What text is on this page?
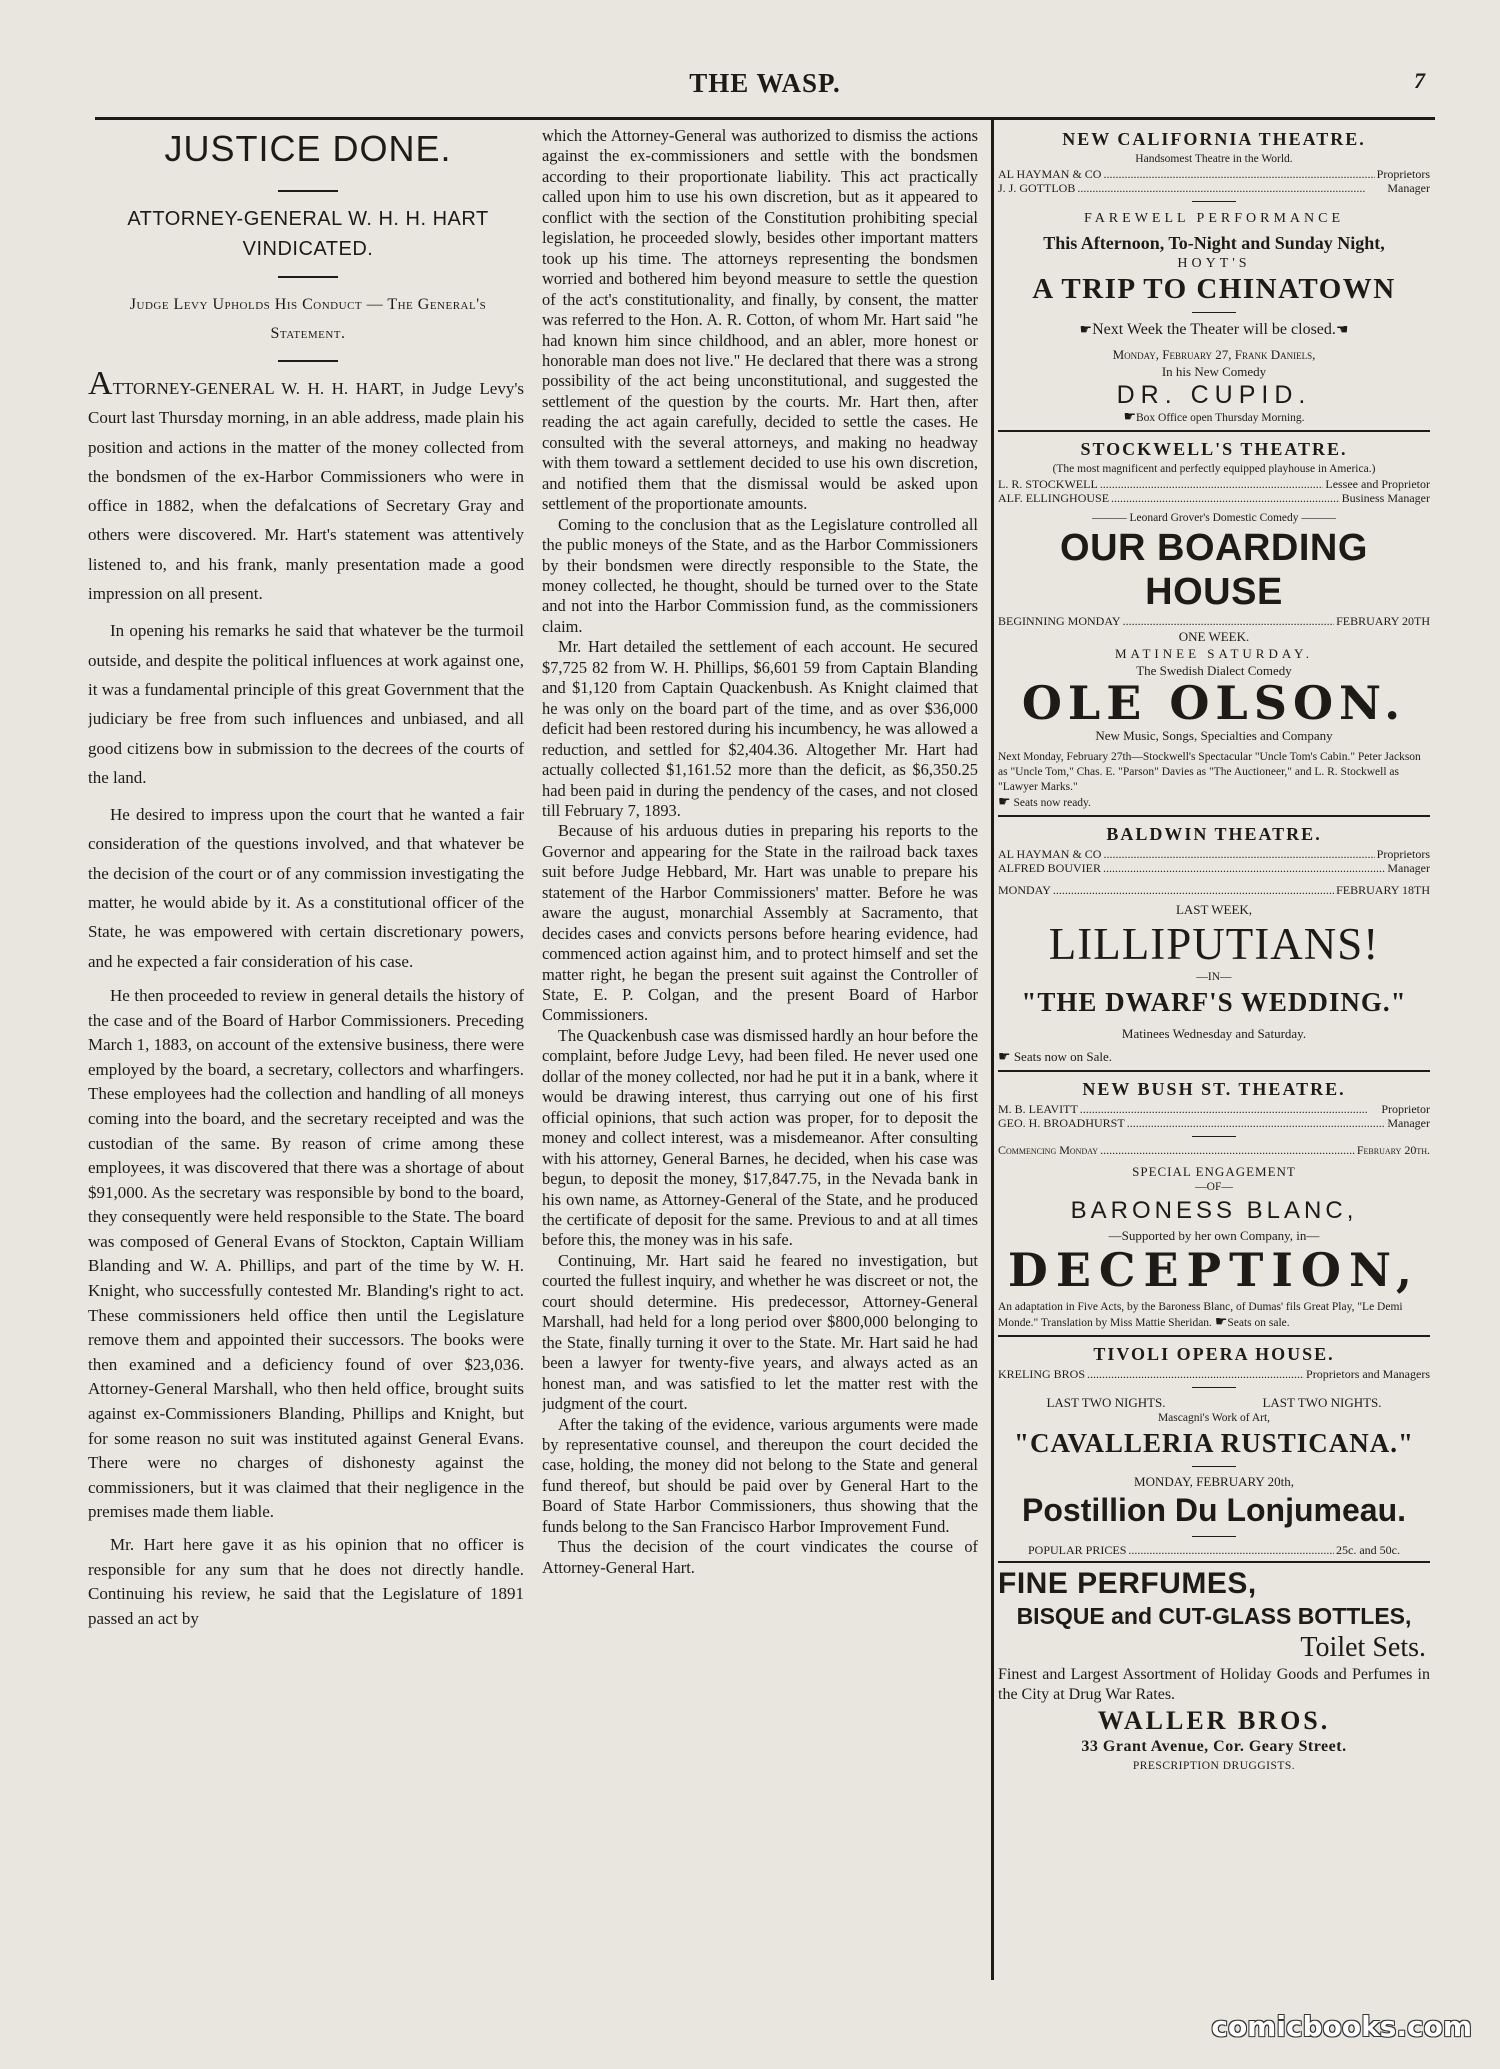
THE WASP.	7
JUSTICE DONE.
ATTORNEY-GENERAL W. H. H. HART VINDICATED.
Judge Levy Upholds His Conduct — The General's Statement.

ATTORNEY-GENERAL W. H. H. HART, in Judge Levy's Court last Thursday morning, in an able address, made plain his position and actions in the matter of the money collected from the bondsmen of the ex-Harbor Commissioners who were in office in 1882, when the defalcations of Secretary Gray and others were discovered. Mr. Hart's statement was attentively listened to, and his frank, manly presentation made a good impression on all present.

In opening his remarks he said that whatever be the turmoil outside, and despite the political influences at work against one, it was a fundamental principle of this great Government that the judiciary be free from such influences and unbiased, and all good citizens bow in submission to the decrees of the courts of the land.

He desired to impress upon the court that he wanted a fair consideration of the questions involved, and that whatever be the decision of the court or of any commission investigating the matter, he would abide by it. As a constitutional officer of the State, he was empowered with certain discretionary powers, and he expected a fair consideration of his case.

He then proceeded to review in general details the history of the case and of the Board of Harbor Commissioners. Preceding March 1, 1883, on account of the extensive business, there were employed by the board, a secretary, collectors and wharfingers. These employees had the collection and handling of all moneys coming into the board, and the secretary receipted and was the custodian of the same. By reason of crime among these employees, it was discovered that there was a shortage of about $91,000. As the secretary was responsible by bond to the board, they consequently were held responsible to the State. The board was composed of General Evans of Stockton, Captain William Blanding and W. A. Phillips, and part of the time by W. H. Knight, who successfully contested Mr. Blanding's right to act. These commissioners held office then until the Legislature remove them and appointed their successors. The books were then examined and a deficiency found of over $23,036. Attorney-General Marshall, who then held office, brought suits against ex-Commissioners Blanding, Phillips and Knight, but for some reason no suit was instituted against General Evans. There were no charges of dishonesty against the commissioners, but it was claimed that their negligence in the premises made them liable.

Mr. Hart here gave it as his opinion that no officer is responsible for any sum that he does not directly handle. Continuing his review, he said that the Legislature of 1891 passed an act by

which the Attorney-General was authorized to dismiss the actions against the ex-commissioners and settle with the bondsmen according to their proportionate liability. This act practically called upon him to use his own discretion, but as it appeared to conflict with the section of the Constitution prohibiting special legislation, he proceeded slowly, besides other important matters took up his time. The attorneys representing the bondsmen worried and bothered him beyond measure to settle the question of the act's constitutionality, and finally, by consent, the matter was referred to the Hon. A. R. Cotton, of whom Mr. Hart said "he had known him since childhood, and an abler, more honest or honorable man does not live." He declared that there was a strong possibility of the act being unconstitutional, and suggested the settlement of the question by the courts. Mr. Hart then, after reading the act again carefully, decided to settle the cases. He consulted with the several attorneys, and making no headway with them toward a settlement decided to use his own discretion, and notified them that the dismissal would be asked upon settlement of the proportionate amounts.

Coming to the conclusion that as the Legislature controlled all the public moneys of the State, and as the Harbor Commissioners by their bondsmen were directly responsible to the State, the money collected, he thought, should be turned over to the State and not into the Harbor Commission fund, as the commissioners claim.

Mr. Hart detailed the settlement of each account. He secured $7,725 82 from W. H. Phillips, $6,601 59 from Captain Blanding and $1,120 from Captain Quackenbush. As Knight claimed that he was only on the board part of the time, and as over $36,000 deficit had been restored during his incumbency, he was allowed a reduction, and settled for $2,404.36. Altogether Mr. Hart had actually collected $1,161.52 more than the deficit, as $6,350.25 had been paid in during the pendency of the cases, and not closed till February 7, 1893.

Because of his arduous duties in preparing his reports to the Governor and appearing for the State in the railroad back taxes suit before Judge Hebbard, Mr. Hart was unable to prepare his statement of the Harbor Commissioners' matter. Before he was aware the august, monarchial Assembly at Sacramento, that decides cases and convicts persons before hearing evidence, had commenced action against him, and to protect himself and set the matter right, he began the present suit against the Controller of State, E. P. Colgan, and the present Board of Harbor Commissioners.

The Quackenbush case was dismissed hardly an hour before the complaint, before Judge Levy, had been filed. He never used one dollar of the money collected, nor had he put it in a bank, where it would be drawing interest, thus carrying out one of his first official opinions, that such action was proper, for to deposit the money and collect interest, was a misdemeanor. After consulting with his attorney, General Barnes, he decided, when his case was begun, to deposit the money, $17,847.75, in the Nevada bank in his own name, as Attorney-General of the State, and he produced the certificate of deposit for the same. Previous to and at all times before this, the money was in his safe.

Continuing, Mr. Hart said he feared no investigation, but courted the fullest inquiry, and whether he was discreet or not, the court should determine. His predecessor, Attorney-General Marshall, had held for a long period over $800,000 belonging to the State, finally turning it over to the State. Mr. Hart said he had been a lawyer for twenty-five years, and always acted as an honest man, and was satisfied to let the matter rest with the judgment of the court.

After the taking of the evidence, various arguments were made by representative counsel, and thereupon the court decided the case, holding, the money did not belong to the State and general fund thereof, but should be paid over by General Hart to the Board of State Harbor Commissioners, thus showing that the funds belong to the San Francisco Harbor Improvement Fund.

Thus the decision of the court vindicates the course of Attorney-General Hart.

NEW CALIFORNIA THEATRE.
Handsomest Theatre in the World.
AL HAYMAN & CO .....	Proprietors
J. J. GOTTLOB .....	Manager
FAREWELL PERFORMANCE
This Afternoon, To-Night and Sunday Night,
HOYT'S
A TRIP TO CHINATOWN
☛Next Week the Theater will be closed.☚
Monday, February 27, Frank Daniels,
In his New Comedy
DR. CUPID.
☛Box Office open Thursday Morning.
STOCKWELL'S THEATRE.
(The most magnificent and perfectly equipped playhouse in America.)
L. R. STOCKWELL .....	Lessee and Proprietor
ALF. ELLINGHOUSE .....	Business Manager
——— Leonard Grover's Domestic Comedy ———
OUR BOARDING HOUSE
BEGINNING MONDAY .....	FEBRUARY 20TH
ONE WEEK.
MATINEE SATURDAY.
The Swedish Dialect Comedy
OLE OLSON.
New Music, Songs, Specialties and Company
Next Monday, February 27th—Stockwell's Spectacular "Uncle Tom's Cabin." Peter Jackson as "Uncle Tom," Chas. E. "Parson" Davies as "The Auctioneer," and L. R. Stockwell as "Lawyer Marks."
☛ Seats now ready.
BALDWIN THEATRE.
AL HAYMAN & CO .....	Proprietors
ALFRED BOUVIER .....	Manager
MONDAY .....	FEBRUARY 18TH
LAST WEEK,
LILLIPUTIANS!
—IN—
"THE DWARF'S WEDDING."
Matinees Wednesday and Saturday.
☛ Seats now on Sale.
NEW BUSH ST. THEATRE.
M. B. LEAVITT .....	Proprietor
GEO. H. BROADHURST .....	Manager
Commencing Monday .....	February 20th.
SPECIAL ENGAGEMENT
—OF—
BARONESS BLANC,
—Supported by her own Company, in—
DECEPTION,
An adaptation in Five Acts, by the Baroness Blanc, of Dumas' fils Great Play, "Le Demi Monde." Translation by Miss Mattie Sheridan. ☛Seats on sale.
TIVOLI OPERA HOUSE.
KRELING BROS .....	Proprietors and Managers
LAST TWO NIGHTS.	LAST TWO NIGHTS.
Mascagni's Work of Art,
"CAVALLERIA RUSTICANA."
MONDAY, FEBRUARY 20th,
Postillion Du Lonjumeau.
POPULAR PRICES .....	25c. and 50c.
FINE PERFUMES,
BISQUE and CUT-GLASS BOTTLES,
Toilet Sets.
Finest and Largest Assortment of Holiday Goods and Perfumes in the City at Drug War Rates.
WALLER BROS.
33 Grant Avenue, Cor. Geary Street.
PRESCRIPTION DRUGGISTS.
comicbooks.com
